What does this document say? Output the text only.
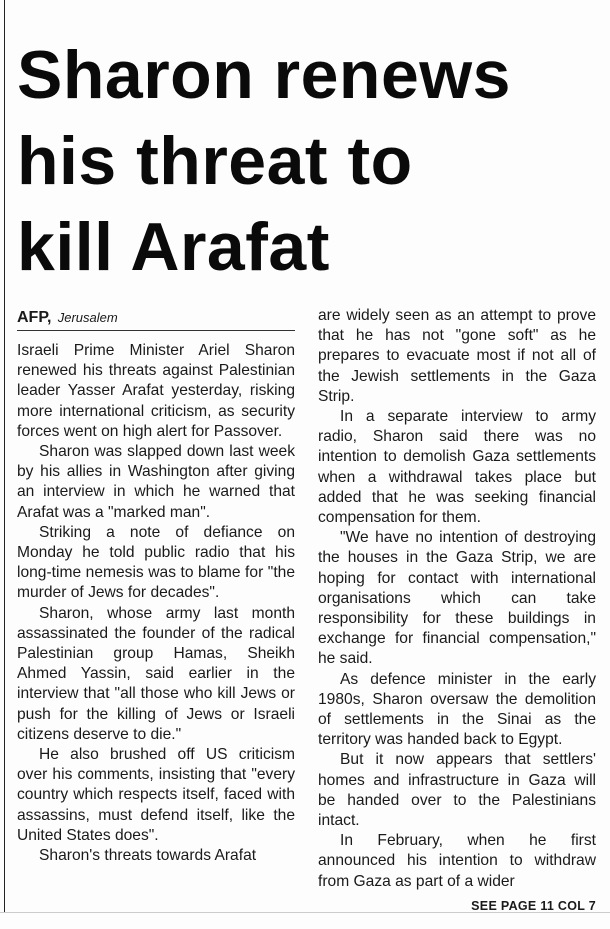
Sharon renews
his threat to
kill Arafat
AFP, Jerusalem

Israeli Prime Minister Ariel Sharon renewed his threats against Palestinian leader Yasser Arafat yesterday, risking more international criticism, as security forces went on high alert for Passover.

Sharon was slapped down last week by his allies in Washington after giving an interview in which he warned that Arafat was a "marked man".

Striking a note of defiance on Monday he told public radio that his long-time nemesis was to blame for "the murder of Jews for decades".

Sharon, whose army last month assassinated the founder of the radical Palestinian group Hamas, Sheikh Ahmed Yassin, said earlier in the interview that "all those who kill Jews or push for the killing of Jews or Israeli citizens deserve to die."

He also brushed off US criticism over his comments, insisting that "every country which respects itself, faced with assassins, must defend itself, like the United States does".

Sharon's threats towards Arafat

are widely seen as an attempt to prove that he has not "gone soft" as he prepares to evacuate most if not all of the Jewish settlements in the Gaza Strip.

In a separate interview to army radio, Sharon said there was no intention to demolish Gaza settlements when a withdrawal takes place but added that he was seeking financial compensation for them.

"We have no intention of destroying the houses in the Gaza Strip, we are hoping for contact with international organisations which can take responsibility for these buildings in exchange for financial compensation," he said.

As defence minister in the early 1980s, Sharon oversaw the demolition of settlements in the Sinai as the territory was handed back to Egypt.

But it now appears that settlers' homes and infrastructure in Gaza will be handed over to the Palestinians intact.

In February, when he first announced his intention to withdraw from Gaza as part of a wider

SEE PAGE 11 COL 7
